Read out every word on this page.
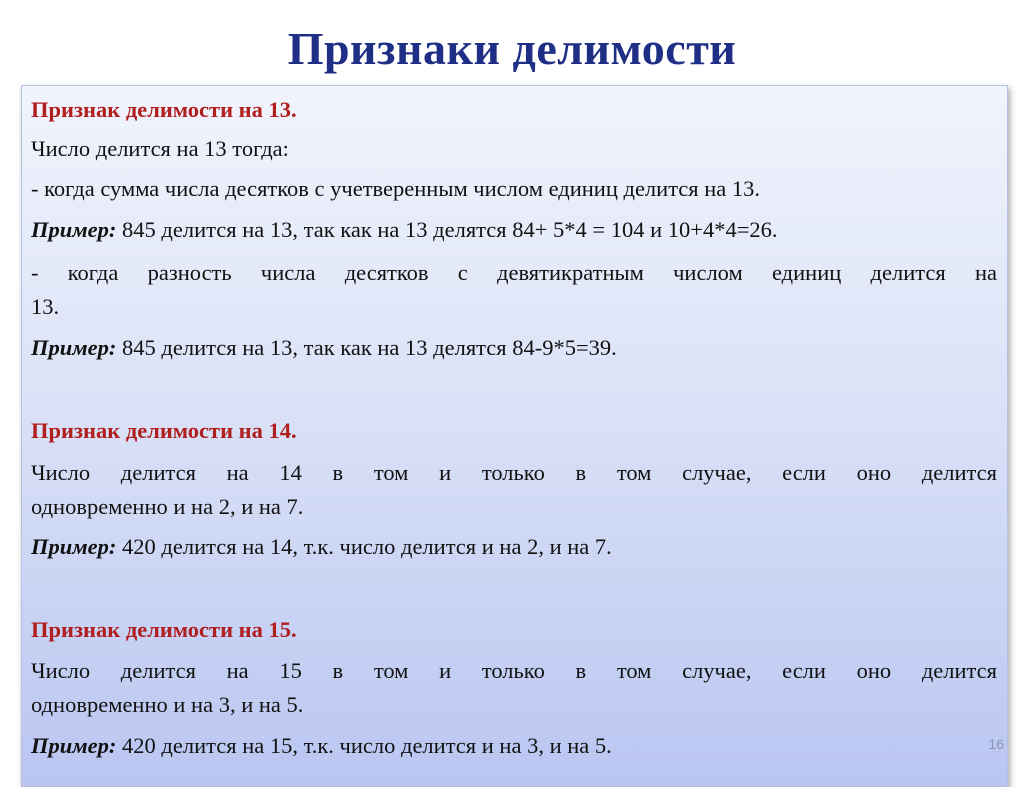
Признаки делимости
Признак делимости на 13.
Число делится на 13 тогда:
- когда сумма числа десятков с учетверенным числом единиц делится на 13.
Пример: 845 делится на 13, так как на 13 делятся 84+ 5*4 = 104 и 10+4*4=26.
- когда разность числа десятков с девятикратным числом единиц делится на
13.
Пример: 845 делится на 13, так как на 13 делятся 84-9*5=39.
Признак делимости на 14.
Число делится на 14 в том и только в том случае, если оно делится
одновременно и на 2, и на 7.
Пример: 420 делится на 14, т.к. число делится и на 2, и на 7.
Признак делимости на 15.
Число делится на 15 в том и только в том случае, если оно делится
одновременно и на 3, и на 5.
Пример: 420 делится на 15, т.к. число делится и на 3, и на 5.	16
